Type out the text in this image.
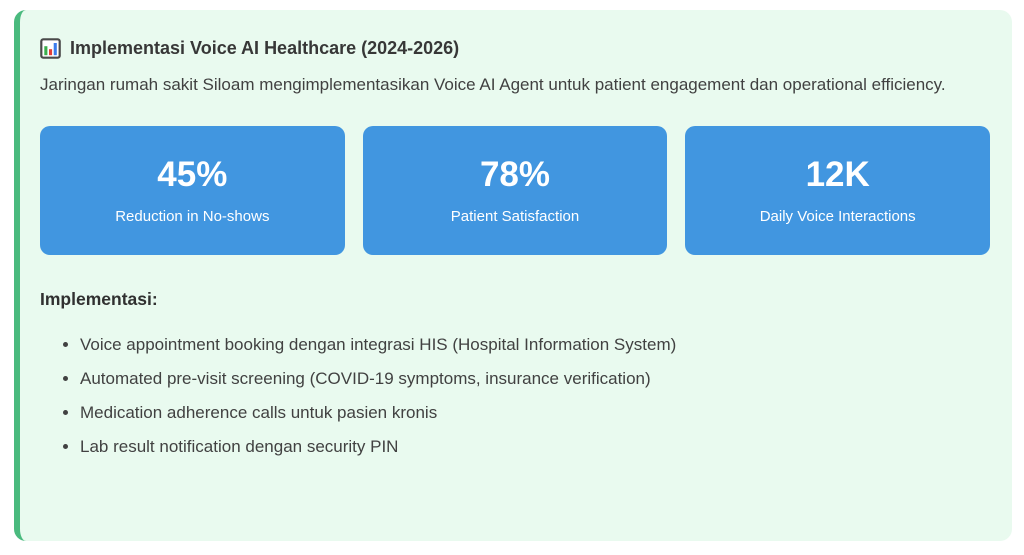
Implementasi Voice AI Healthcare (2024-2026)

Jaringan rumah sakit Siloam mengimplementasikan Voice AI Agent untuk patient engagement dan operational efficiency.

45%
Reduction in No-shows
78%
Patient Satisfaction
12K
Daily Voice Interactions

Implementasi:

• Voice appointment booking dengan integrasi HIS (Hospital Information System)
• Automated pre-visit screening (COVID-19 symptoms, insurance verification)
• Medication adherence calls untuk pasien kronis
• Lab result notification dengan security PIN
